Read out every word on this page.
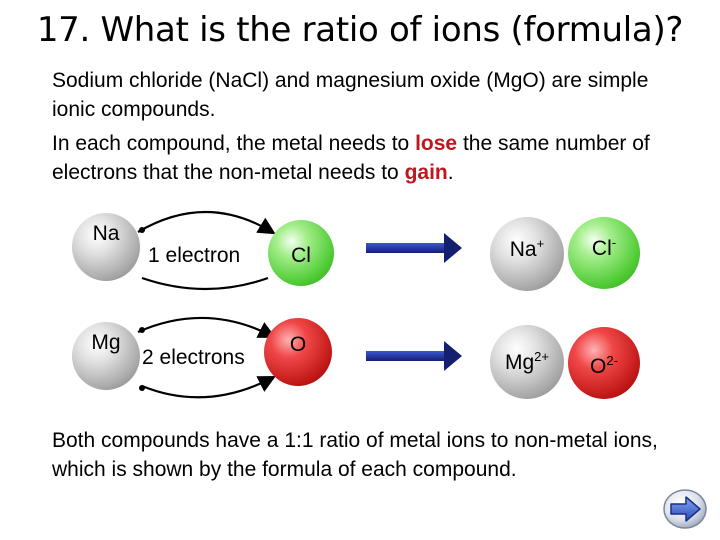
17. What is the ratio of ions (formula)?
Sodium chloride (NaCl) and magnesium oxide (MgO) are simple ionic compounds.
In each compound, the metal needs to lose the same number of electrons that the non-metal needs to gain.
Na
1 electron Cl	Na+ Cl-
Mg
2 electrons
O
$Mg^{2+}$ $O^{2-}$
Both compounds have a 1:1 ratio of metal ions to non-metal ions, which is shown by the formula of each compound.
